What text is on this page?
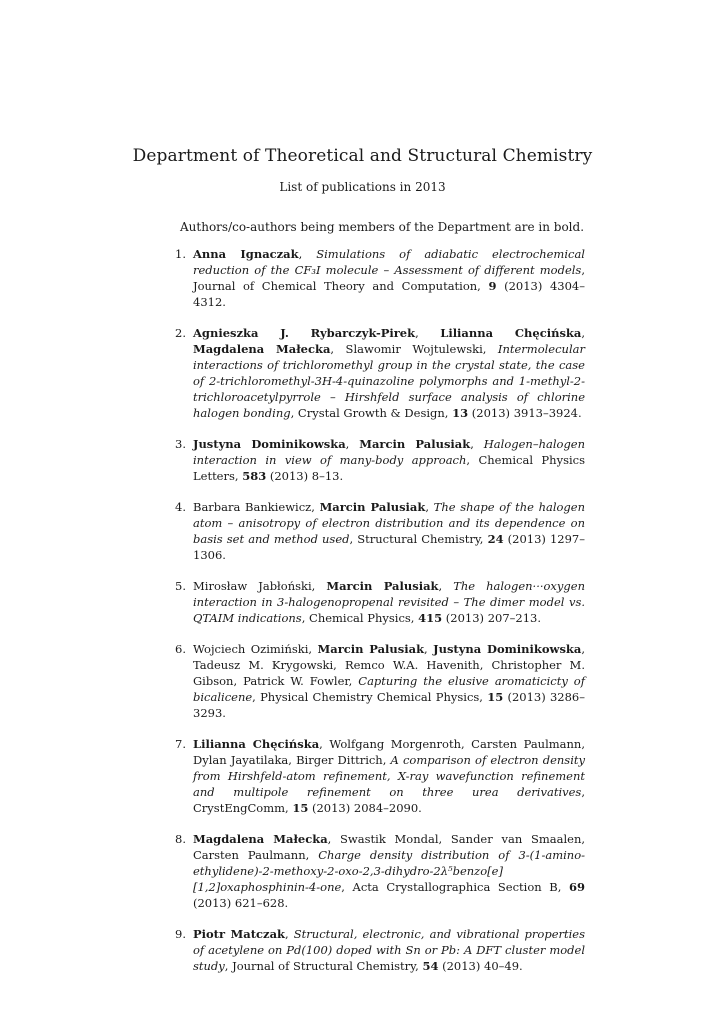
Department of Theoretical and Structural Chemistry
List of publications in 2013
Authors/co-authors being members of the Department are in bold.
1. Anna Ignaczak, Simulations of adiabatic electrochemical reduction of the CF₃I molecule – Assessment of different models, Journal of Chemical Theory and Computation, 9 (2013) 4304–4312.
2. Agnieszka J. Rybarczyk-Pirek, Lilianna Chęcińska, Magdalena Małecka, Slawomir Wojtulewski, Intermolecular interactions of trichloromethyl group in the crystal state, the case of 2-trichloromethyl-3H-4-quinazoline polymorphs and 1-methyl-2-trichloroacetylpyrrole – Hirshfeld surface analysis of chlorine halogen bonding, Crystal Growth & Design, 13 (2013) 3913–3924.
3. Justyna Dominikowska, Marcin Palusiak, Halogen–halogen interaction in view of many-body approach, Chemical Physics Letters, 583 (2013) 8–13.
4. Barbara Bankiewicz, Marcin Palusiak, The shape of the halogen atom – anisotropy of electron distribution and its dependence on basis set and method used, Structural Chemistry, 24 (2013) 1297–1306.
5. Mirosław Jabłoński, Marcin Palusiak, The halogen···oxygen interaction in 3-halogenopropenal revisited – The dimer model vs. QTAIM indications, Chemical Physics, 415 (2013) 207–213.
6. Wojciech Ozimiński, Marcin Palusiak, Justyna Dominikowska, Tadeusz M. Krygowski, Remco W.A. Havenith, Christopher M. Gibson, Patrick W. Fowler, Capturing the elusive aromaticicty of bicalicene, Physical Chemistry Chemical Physics, 15 (2013) 3286–3293.
7. Lilianna Chęcińska, Wolfgang Morgenroth, Carsten Paulmann, Dylan Jayatilaka, Birger Dittrich, A comparison of electron density from Hirshfeld-atom refinement, X-ray wavefunction refinement and multipole refinement on three urea derivatives, CrystEngComm, 15 (2013) 2084–2090.
8. Magdalena Małecka, Swastik Mondal, Sander van Smaalen, Carsten Paulmann, Charge density distribution of 3-(1-amino-ethylidene)-2-methoxy-2-oxo-2,3-dihydro-2λ⁵benzo[e][1,2]oxaphosphinin-4-one, Acta Crystallographica Section B, 69 (2013) 621–628.
9. Piotr Matczak, Structural, electronic, and vibrational properties of acetylene on Pd(100) doped with Sn or Pb: A DFT cluster model study, Journal of Structural Chemistry, 54 (2013) 40–49.
